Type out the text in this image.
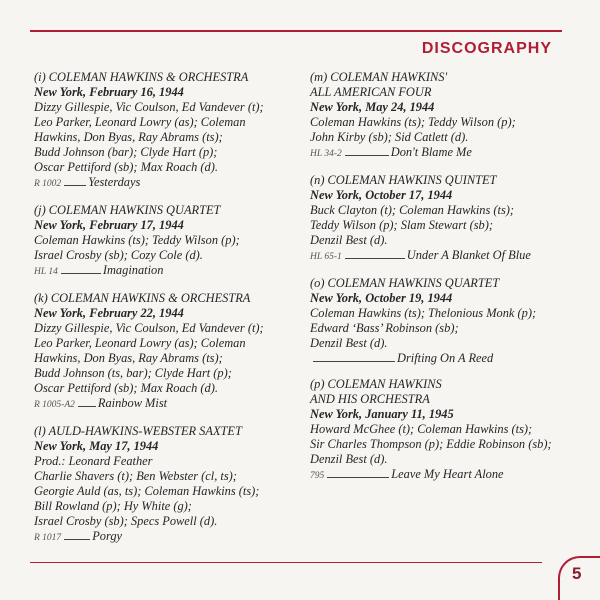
DISCOGRAPHY
(i) COLEMAN HAWKINS & ORCHESTRA
New York, February 16, 1944
Dizzy Gillespie, Vic Coulson, Ed Vandever (t);
Leo Parker, Leonard Lowry (as); Coleman
Hawkins, Don Byas, Ray Abrams (ts);
Budd Johnson (bar); Clyde Hart (p);
Oscar Pettiford (sb); Max Roach (d).
R 1002 Yesterdays
(j) COLEMAN HAWKINS QUARTET
New York, February 17, 1944
Coleman Hawkins (ts); Teddy Wilson (p);
Israel Crosby (sb); Cozy Cole (d).
HL 14	Imagination
(k) COLEMAN HAWKINS & ORCHESTRA
New York, February 22, 1944
Dizzy Gillespie, Vic Coulson, Ed Vandever (t);
Leo Parker, Leonard Lowry (as); Coleman
Hawkins, Don Byas, Ray Abrams (ts);
Budd Johnson (ts, bar); Clyde Hart (p);
Oscar Pettiford (sb); Max Roach (d).
R 1005-A2 Rainbow Mist
(l) AULD-HAWKINS-WEBSTER SAXTET
New York, May 17, 1944
Prod.: Leonard Feather
Charlie Shavers (t); Ben Webster (cl, ts);
Georgie Auld (as, ts); Coleman Hawkins (ts);
Bill Rowland (p); Hy White (g);
Israel Crosby (sb); Specs Powell (d).
R 1017	Porgy
(m) COLEMAN HAWKINS'
ALL AMERICAN FOUR
New York, May 24, 1944
Coleman Hawkins (ts); Teddy Wilson (p);
John Kirby (sb); Sid Catlett (d).
HL 34-2	Don't Blame Me
(n) COLEMAN HAWKINS QUINTET
New York, October 17, 1944
Buck Clayton (t); Coleman Hawkins (ts);
Teddy Wilson (p); Slam Stewart (sb);
Denzil Best (d).
HL 65-1	Under A Blanket Of Blue
(o) COLEMAN HAWKINS QUARTET
New York, October 19, 1944
Coleman Hawkins (ts); Thelonious Monk (p);
Edward ‘Bass’ Robinson (sb);
Denzil Best (d).
Drifting On A Reed
(p) COLEMAN HAWKINS
AND HIS ORCHESTRA
New York, January 11, 1945
Howard McGhee (t); Coleman Hawkins (ts);
Sir Charles Thompson (p); Eddie Robinson (sb);
Denzil Best (d).
795	Leave My Heart Alone
5
